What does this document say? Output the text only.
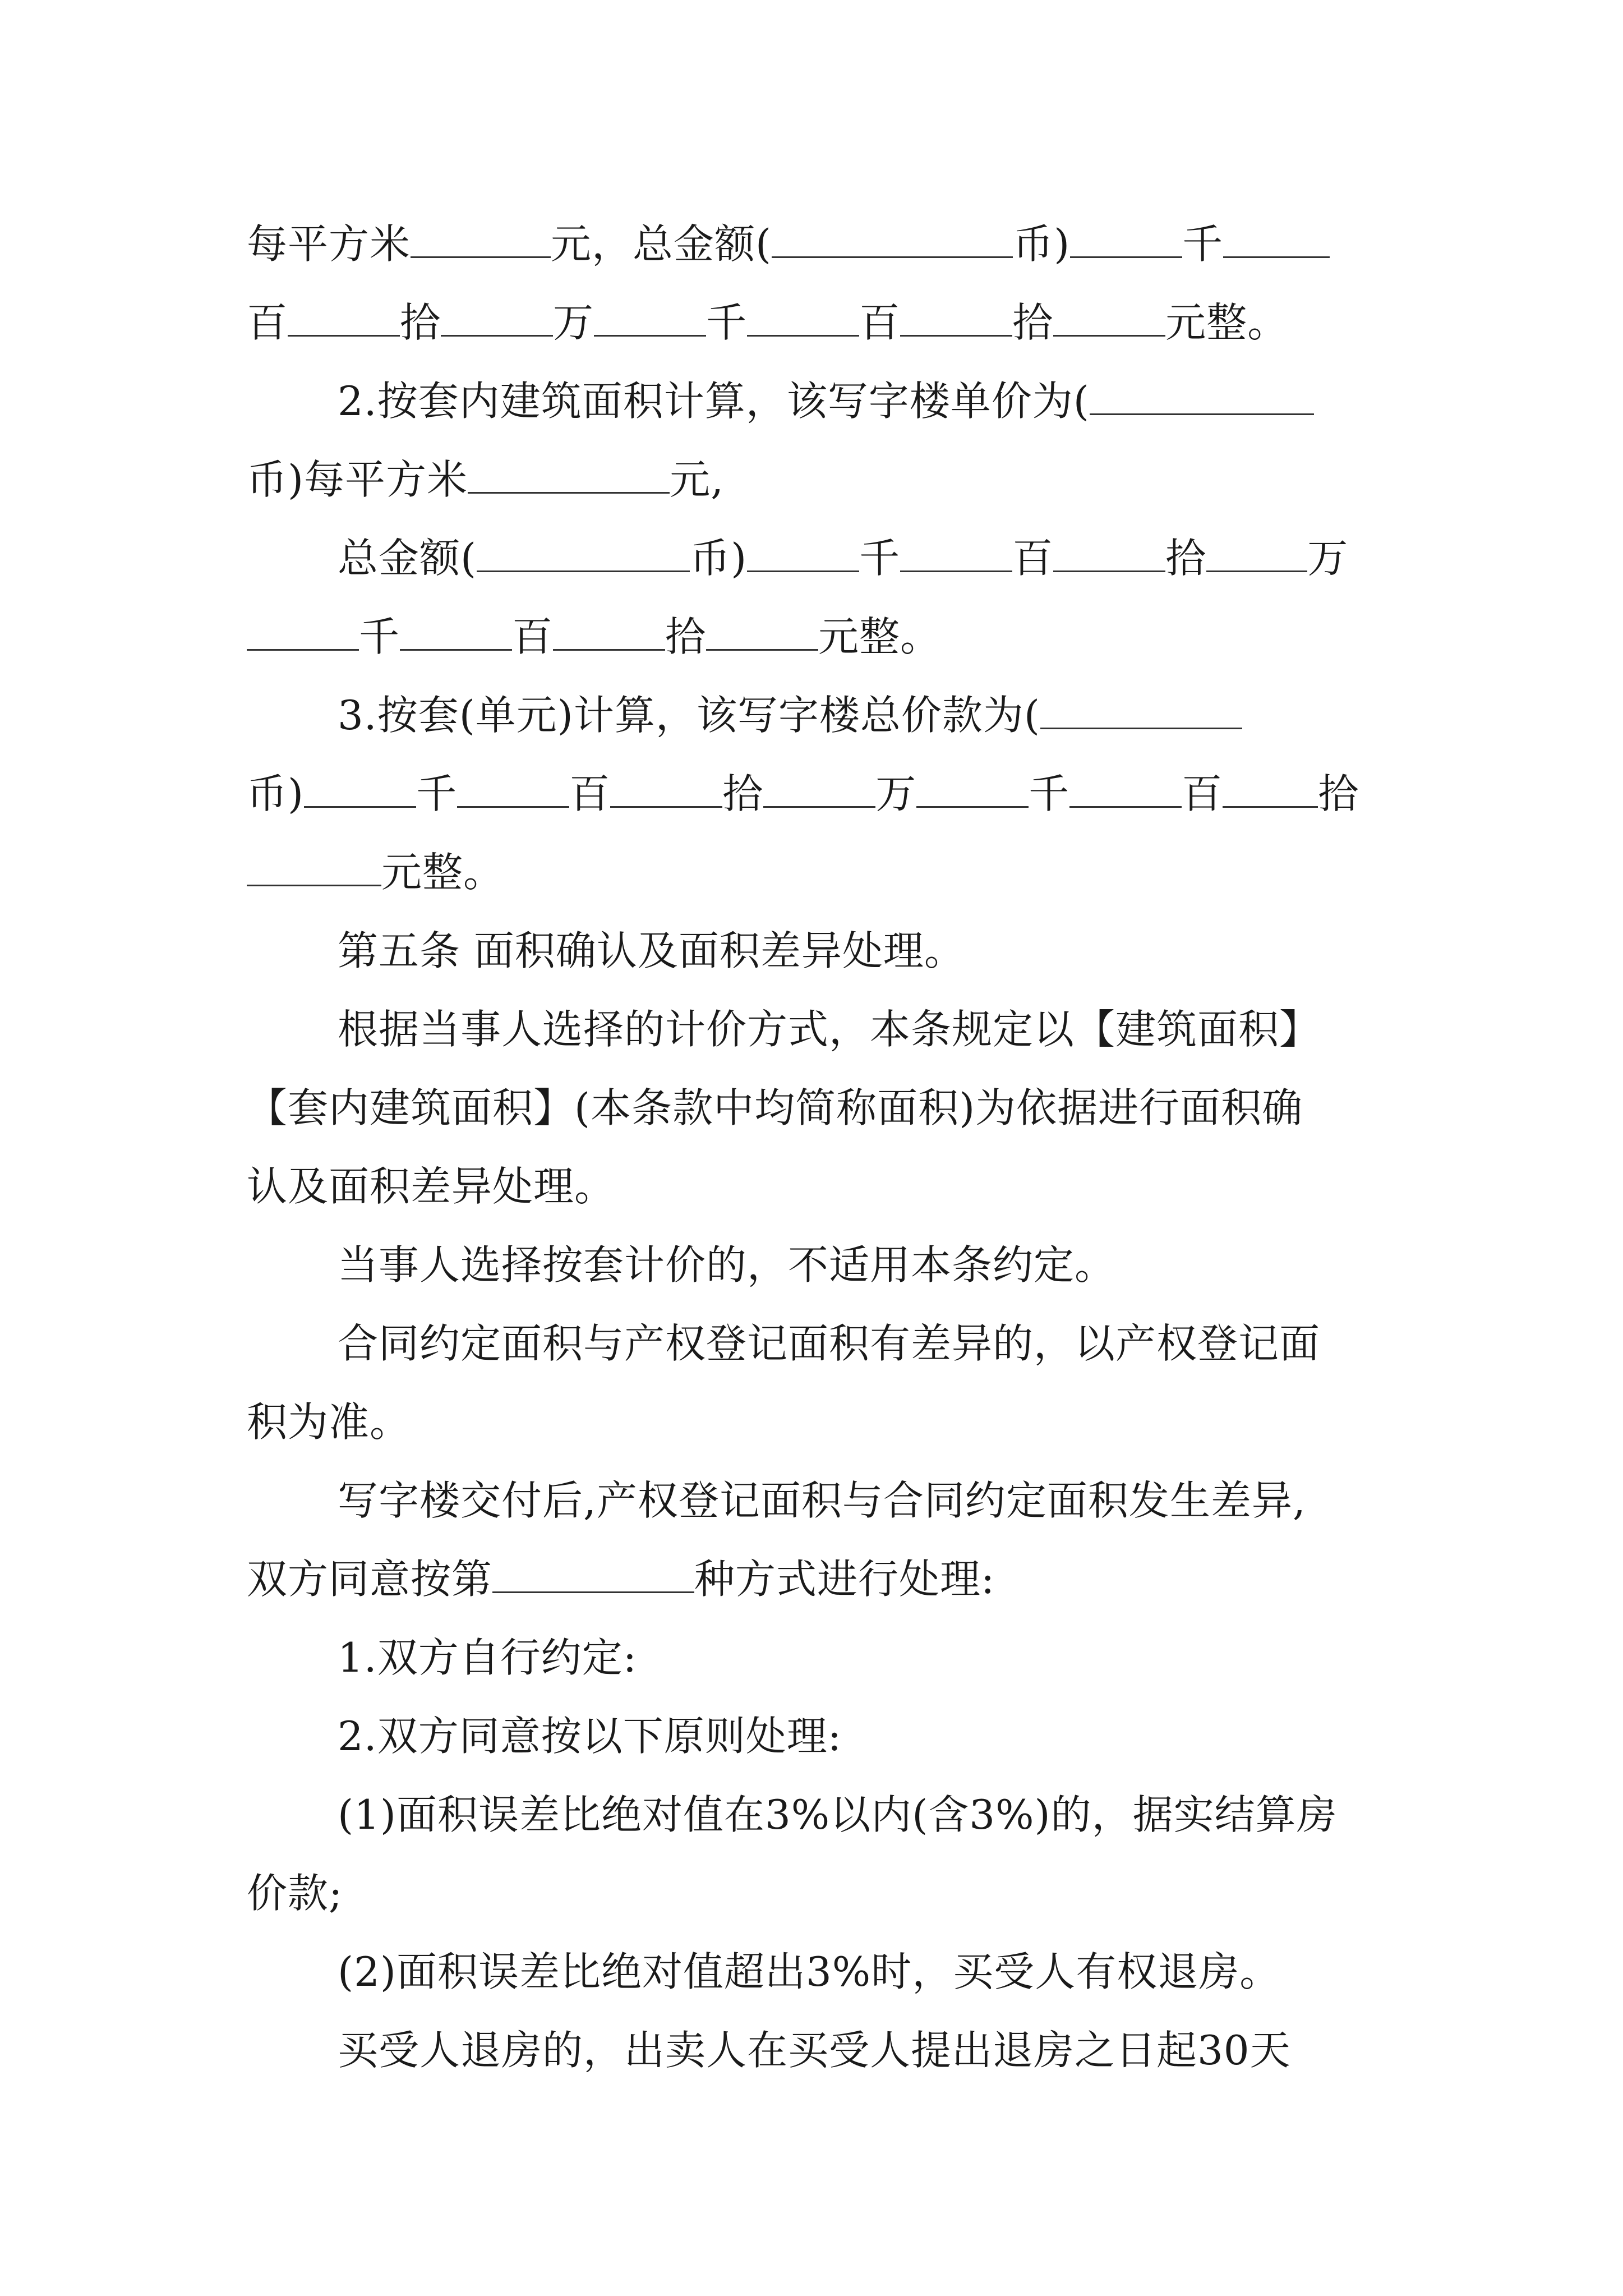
每平方米	元，总金额(	币)	千
百	拾	万	千	百	拾	元整。
2.按套内建筑面积计算，该写字楼单价为(
币)每平方米	元,
总金额(	币)	千	百	拾	万
千	百	拾	元整。
3.按套(单元)计算，该写字楼总价款为(
币)	千	百	拾	万	千	百 拾
元整。
第五条 面积确认及面积差异处理。
根据当事人选择的计价方式，本条规定以【建筑面积】
【套内建筑面积】(本条款中均简称面积)为依据进行面积确
认及面积差异处理。
当事人选择按套计价的，不适用本条约定。
合同约定面积与产权登记面积有差异的，以产权登记面
积为准。
写字楼交付后,产权登记面积与合同约定面积发生差异,
双方同意按第	种方式进行处理:
1.双方自行约定:
2.双方同意按以下原则处理:
(1)面积误差比绝对值在3%以内(含3%)的，据实结算房
价款;
(2)面积误差比绝对值超出3%时，买受人有权退房。
买受人退房的，出卖人在买受人提出退房之日起30天
